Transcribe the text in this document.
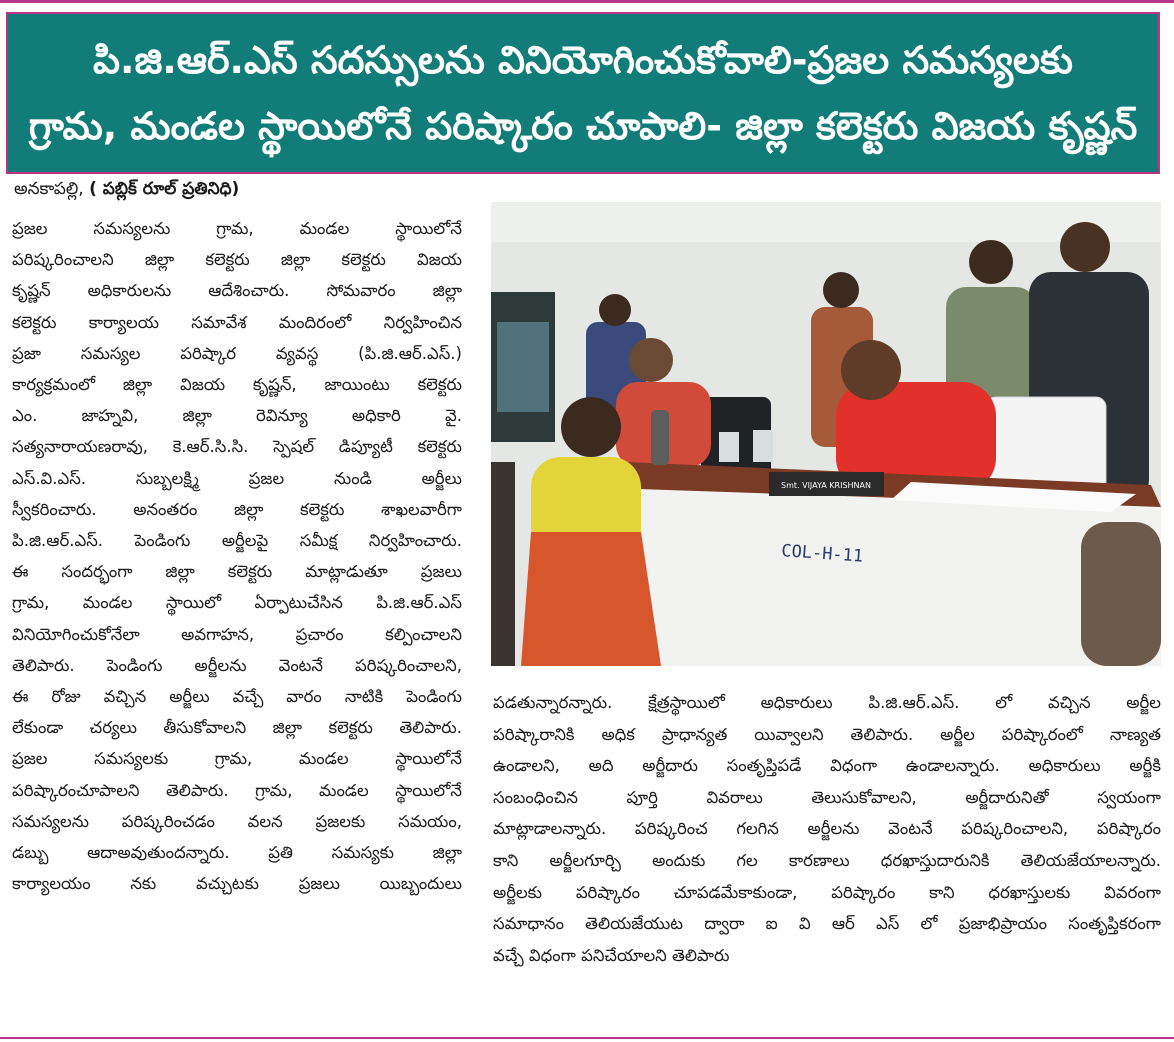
పి.జి.ఆర్.ఎస్ సదస్సులను వినియోగించుకోవాలి-ప్రజల సమస్యలకు
గ్రామ, మండల స్థాయిలోనే పరిష్కారం చూపాలి- జిల్లా కలెక్టరు విజయ కృష్ణన్
అనకాపల్లి, ( పబ్లిక్ రూల్ ప్రతినిధి)

ప్రజల సమస్యలను గ్రామ, మండల స్థాయిలోనే

పరిష్కరించాలని జిల్లా కలెక్టరు జిల్లా కలెక్టరు విజయ

కృష్ణన్ అధికారులను ఆదేశించారు. సోమవారం జిల్లా

కలెక్టరు కార్యాలయ సమావేశ మందిరంలో నిర్వహించిన

ప్రజా సమస్యల పరిష్కార వ్యవస్థ (పి.జి.ఆర్.ఎస్.)

కార్యక్రమంలో జిల్లా విజయ కృష్ణన్, జాయింటు కలెక్టరు

ఎం. జాహ్నవి, జిల్లా రెవిన్యూ అధికారి వై.

సత్యనారాయణరావు, కె.ఆర్.సి.సి. స్పెషల్ డిప్యూటీ కలెక్టరు

ఎస్.వి.ఎస్. సుబ్బలక్ష్మి ప్రజల నుండి అర్జీలు

స్వీకరించారు. అనంతరం జిల్లా కలెక్టరు శాఖలవారీగా

పి.జి.ఆర్.ఎస్. పెండింగు అర్జీలపై సమీక్ష నిర్వహించారు.

ఈ సందర్భంగా జిల్లా కలెక్టరు మాట్లాడుతూ ప్రజలు

గ్రామ, మండల స్థాయిలో ఏర్పాటుచేసిన పి.జి.ఆర్.ఎస్

వినియోగించుకోనేలా అవగాహన, ప్రచారం కల్పించాలని

తెలిపారు. పెండింగు అర్జీలను వెంటనే పరిష్కరించాలని,

ఈ రోజు వచ్చిన అర్జీలు వచ్చే వారం నాటికి పెండింగు

లేకుండా చర్యలు తీసుకోవాలని జిల్లా కలెక్టరు తెలిపారు.

ప్రజల సమస్యలకు గ్రామ, మండల స్థాయిలోనే

పరిష్కారంచూపాలని తెలిపారు. గ్రామ, మండల స్థాయిలోనే

సమస్యలను పరిష్కరించడం వలన ప్రజలకు సమయం,

డబ్బు ఆదాఅవుతుందన్నారు. ప్రతి సమస్యకు జిల్లా

కార్యాలయం నకు వచ్చుటకు ప్రజలు యిబ్బందులు

Smt. VIJAYA KRISHNAN
COL-H-11

పడతున్నారన్నారు. క్షేత్రస్థాయిలో అధికారులు పి.జి.ఆర్.ఎస్. లో వచ్చిన అర్జీల

పరిష్కారానికి అధిక ప్రాధాన్యత యివ్వాలని తెలిపారు. అర్జీల పరిష్కారంలో నాణ్యత

ఉండాలని, అది అర్జీదారు సంతృప్తిపడే విధంగా ఉండాలన్నారు. అధికారులు అర్జీకి

సంబంధించిన పూర్తి వివరాలు తెలుసుకోవాలని, అర్జీదారునితో స్వయంగా

మాట్లాడాలన్నారు. పరిష్కరించ గలగిన అర్జీలను వెంటనే పరిష్కరించాలని, పరిష్కారం

కాని అర్జీలగూర్చి అందుకు గల కారణాలు ధరఖాస్తుదారునికి తెలియజేయాలన్నారు.

అర్జీలకు పరిష్కారం చూపడమేకాకుండా, పరిష్కారం కాని ధరఖాస్తులకు వివరంగా

సమాధానం తెలియజేయుట ద్వారా ఐ వి ఆర్ ఎస్ లో ప్రజాభిప్రాయం సంతృప్తికరంగా

వచ్చే విధంగా పనిచేయాలని తెలిపారు
